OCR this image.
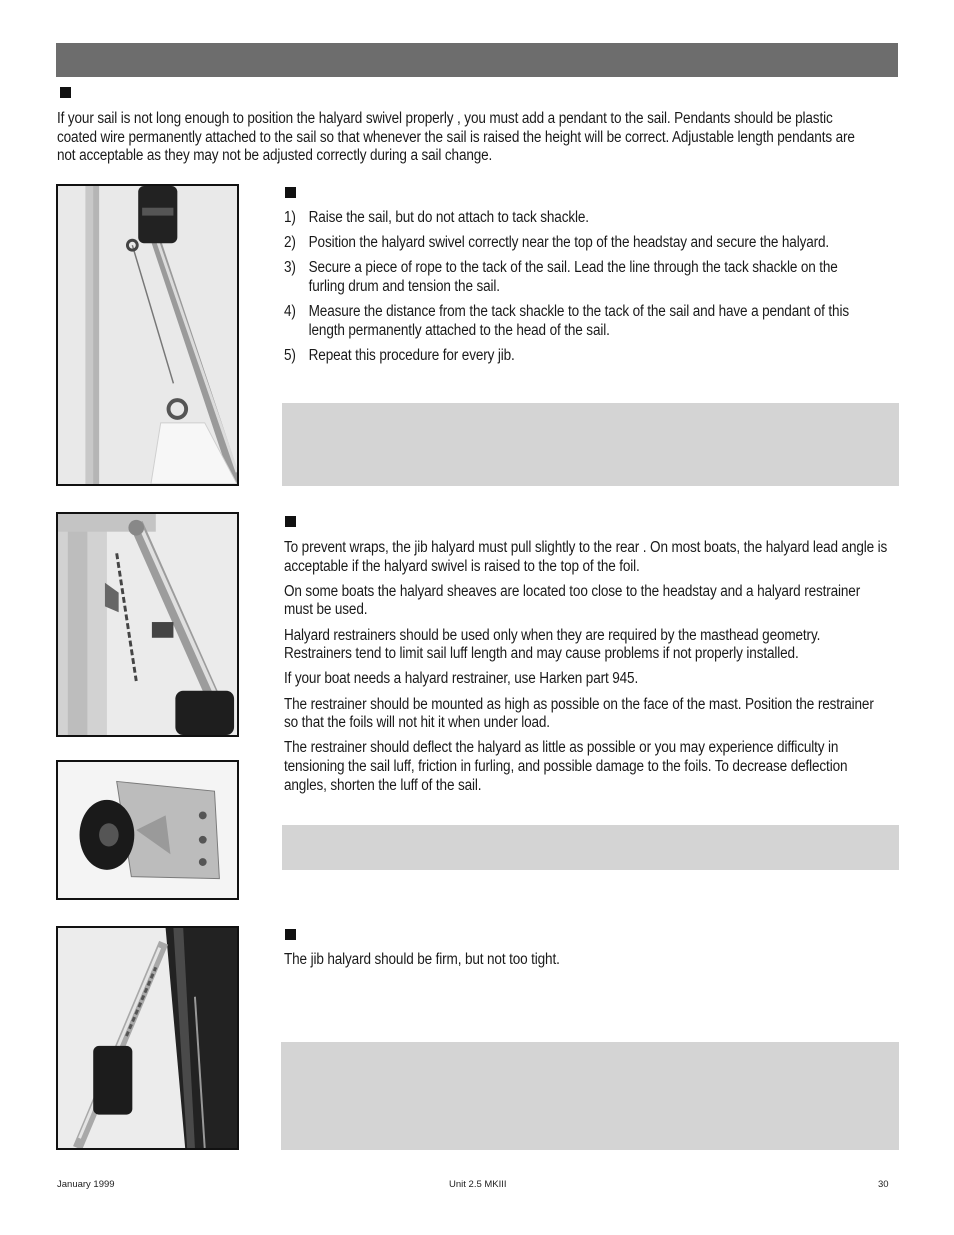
If your sail is not long enough to position the halyard swivel properly , you must add a pendant to the sail. Pendants should be plastic coated wire permanently attached to the sail so that whenever the sail is raised the height will be correct. Adjustable length pendants are not acceptable as they may not be adjusted correctly during a sail change.

1) Raise the sail, but do not attach to tack shackle.
2) Position the halyard swivel correctly near the top of the headstay and secure the halyard.
3) Secure a piece of rope to the tack of the sail. Lead the line through the tack shackle on the furling drum and tension the sail.
4) Measure the distance from the tack shackle to the tack of the sail and have a pendant of this length permanently attached to the head of the sail.
5) Repeat this procedure for every jib.

To prevent wraps, the jib halyard must pull slightly to the rear . On most boats, the halyard lead angle is acceptable if the halyard swivel is raised to the top of the foil.

On some boats the halyard sheaves are located too close to the headstay and a halyard restrainer must be used.

Halyard restrainers should be used only when they are required by the masthead geometry. Restrainers tend to limit sail luff length and may cause problems if not properly installed.

If your boat needs a halyard restrainer, use Harken part 945.

The restrainer should be mounted as high as possible on the face of the mast. Position the restrainer so that the foils will not hit it when under load.

The restrainer should deflect the halyard as little as possible or you may experience difficulty in tensioning the sail luff, friction in furling, and possible damage to the foils. To decrease deflection angles, shorten the luff of the sail.

The jib halyard should be firm, but not too tight.

January 1999	Unit 2.5 MKIII	30
